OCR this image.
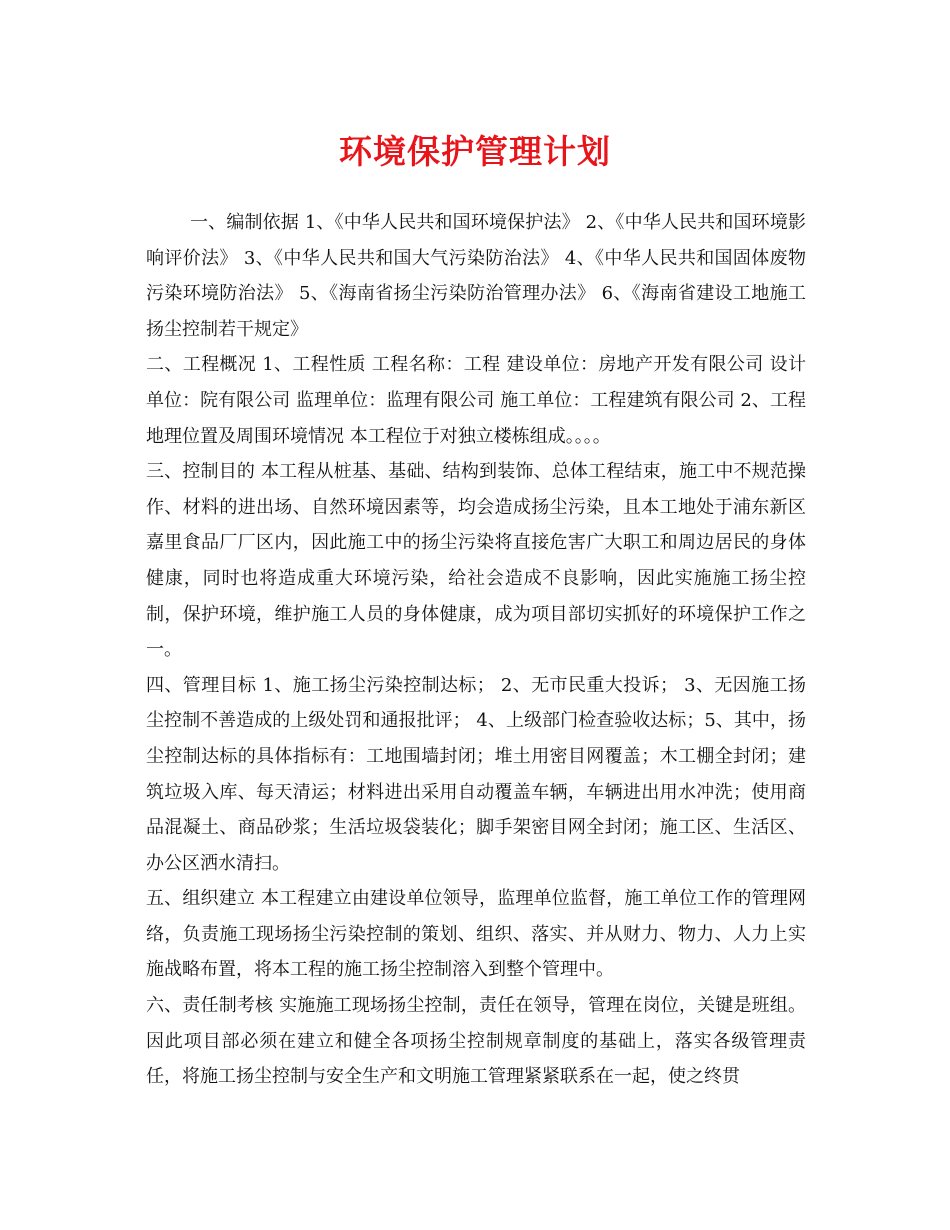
环境保护管理计划

一、编制依据 1、《中华人民共和国环境保护法》 2、《中华人民共和国环境影响评价法》 3、《中华人民共和国大气污染防治法》 4、《中华人民共和国固体废物污染环境防治法》 5、《海南省扬尘污染防治管理办法》 6、《海南省建设工地施工扬尘控制若干规定》

二、工程概况 1、工程性质 工程名称：工程 建设单位：房地产开发有限公司 设计单位：院有限公司 监理单位：监理有限公司 施工单位：工程建筑有限公司 2、工程地理位置及周围环境情况 本工程位于对独立楼栋组成。。。。

三、控制目的 本工程从桩基、基础、结构到装饰、总体工程结束，施工中不规范操作、材料的进出场、自然环境因素等，均会造成扬尘污染，且本工地处于浦东新区嘉里食品厂厂区内，因此施工中的扬尘污染将直接危害广大职工和周边居民的身体健康，同时也将造成重大环境污染，给社会造成不良影响，因此实施施工扬尘控制，保护环境，维护施工人员的身体健康，成为项目部切实抓好的环境保护工作之一。

四、管理目标 1、施工扬尘污染控制达标； 2、无市民重大投诉； 3、无因施工扬尘控制不善造成的上级处罚和通报批评； 4、上级部门检查验收达标；5、其中，扬尘控制达标的具体指标有：工地围墙封闭；堆土用密目网覆盖；木工棚全封闭；建筑垃圾入库、每天清运；材料进出采用自动覆盖车辆，车辆进出用水冲洗；使用商品混凝土、商品砂浆；生活垃圾袋装化；脚手架密目网全封闭；施工区、生活区、办公区洒水清扫。

五、组织建立 本工程建立由建设单位领导，监理单位监督，施工单位工作的管理网络，负责施工现场扬尘污染控制的策划、组织、落实、并从财力、物力、人力上实施战略布置，将本工程的施工扬尘控制溶入到整个管理中。

六、责任制考核 实施施工现场扬尘控制，责任在领导，管理在岗位，关键是班组。因此项目部必须在建立和健全各项扬尘控制规章制度的基础上，落实各级管理责任，将施工扬尘控制与安全生产和文明施工管理紧紧联系在一起，使之终贯
